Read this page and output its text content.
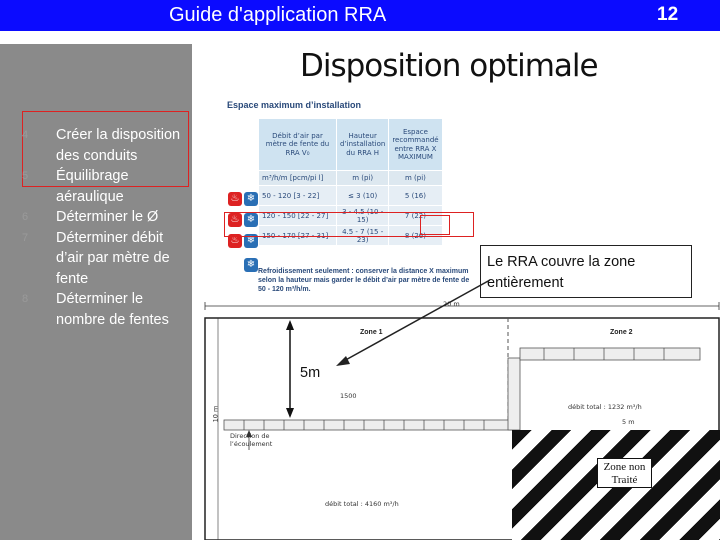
Guide d'application RRA	12
Disposition optimale
4 Créer la disposition des conduits
5 Équilibrage aéraulique
6 Déterminer le Ø
7 Déterminer débit d’air par mètre de fente
8 Déterminer le nombre de fentes
Espace maximum d’installation
Débit d’air par mètre de fente du RRA V₀	Hauteur d’installation du RRA H	Espace recommandé entre RRA X MAXIMUM
m³/h/m [pcm/pi l]	m (pi)	m (pi)
50 - 120 [3 - 22]	≤ 3 (10)	5 (16)
120 - 150 [22 - 27]	3 - 4.5 (10 - 15)	7 (22)
150 - 170 [27 - 31]	4.5 - 7 (15 - 23)	8 (26)
♨ ❄
♨ ❄
♨ ❄
❄
Refroidissement seulement : conserver la distance X maximum selon la hauteur mais garder le débit d’air par mètre de fente de 50 - 120 m³/h/m.
20 m
10 m
Zone 1	Zone 2
5m
1500
Direction de l’écoulement
débit total : 4160 m³/h
débit total : 1232 m³/h
5 m
Zone non Traité
Le RRA couvre la zone entièrement
